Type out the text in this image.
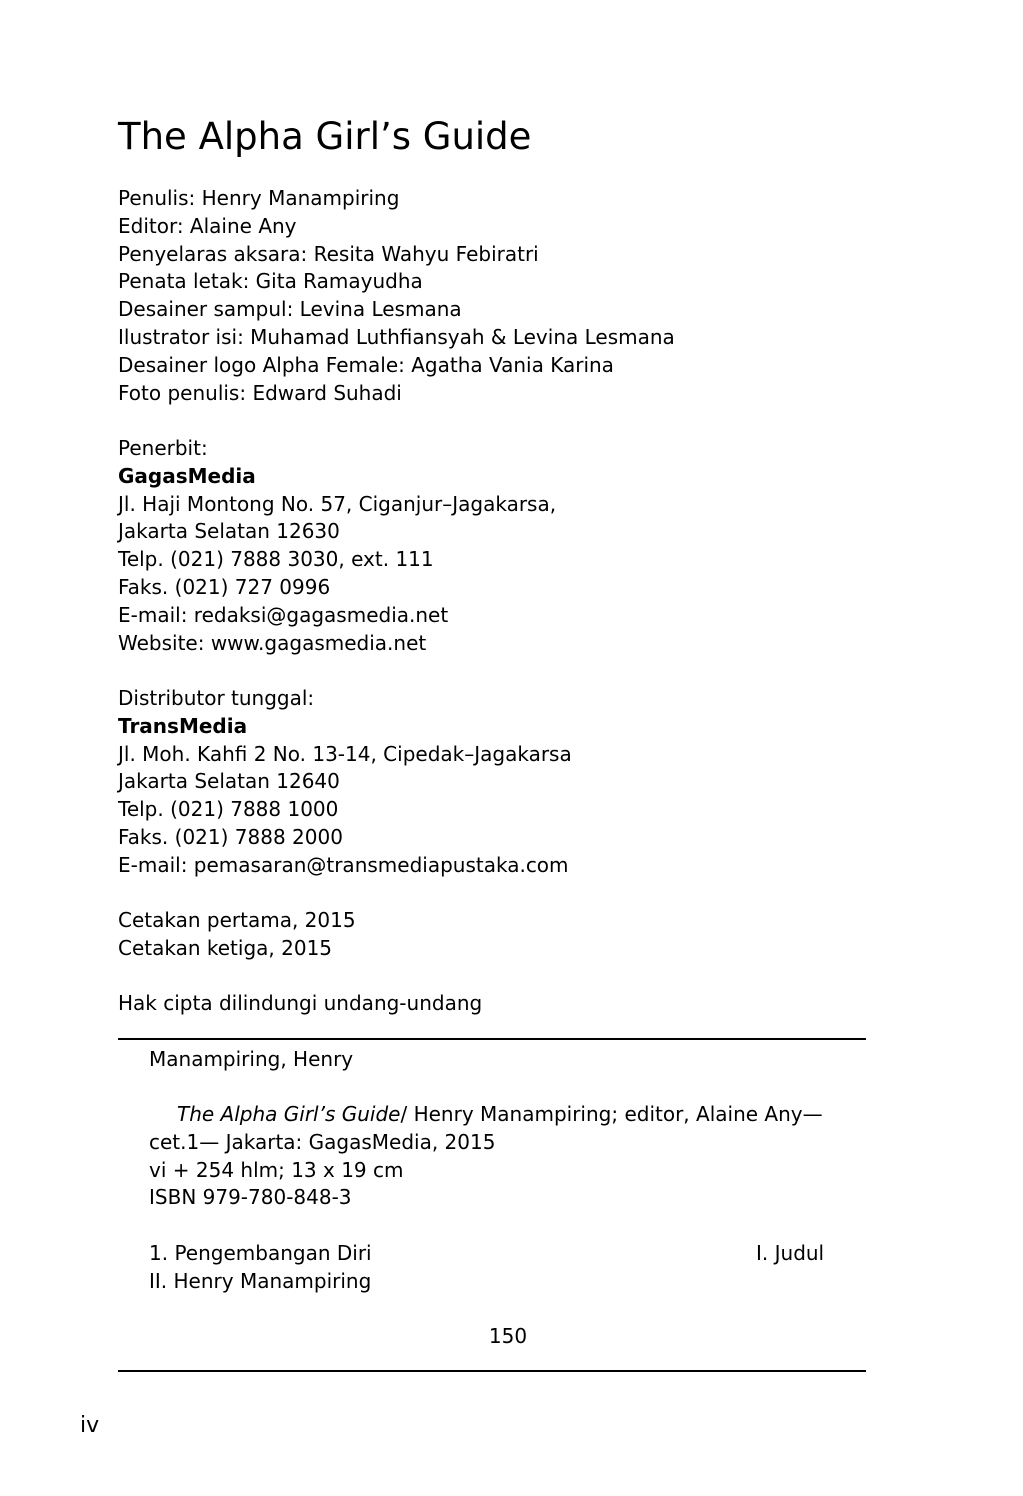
The Alpha Girl’s Guide
Penulis: Henry Manampiring
Editor: Alaine Any
Penyelaras aksara: Resita Wahyu Febiratri
Penata letak: Gita Ramayudha
Desainer sampul: Levina Lesmana
Ilustrator isi: Muhamad Luthfiansyah & Levina Lesmana
Desainer logo Alpha Female: Agatha Vania Karina
Foto penulis: Edward Suhadi
Penerbit:
GagasMedia
Jl. Haji Montong No. 57, Ciganjur–Jagakarsa,
Jakarta Selatan 12630
Telp. (021) 7888 3030, ext. 111
Faks. (021) 727 0996
E-mail: redaksi@gagasmedia.net
Website: www.gagasmedia.net
Distributor tunggal:
TransMedia
Jl. Moh. Kahfi 2 No. 13-14, Cipedak–Jagakarsa
Jakarta Selatan 12640
Telp. (021) 7888 1000
Faks. (021) 7888 2000
E-mail: pemasaran@transmediapustaka.com
Cetakan pertama, 2015
Cetakan ketiga, 2015
Hak cipta dilindungi undang-undang
Manampiring, Henry
The Alpha Girl’s Guide/ Henry Manampiring; editor, Alaine Any—
cet.1— Jakarta: GagasMedia, 2015
vi + 254 hlm; 13 x 19 cm
ISBN 979-780-848-3
1. Pengembangan Diri	I. Judul
II. Henry Manampiring
150
iv
